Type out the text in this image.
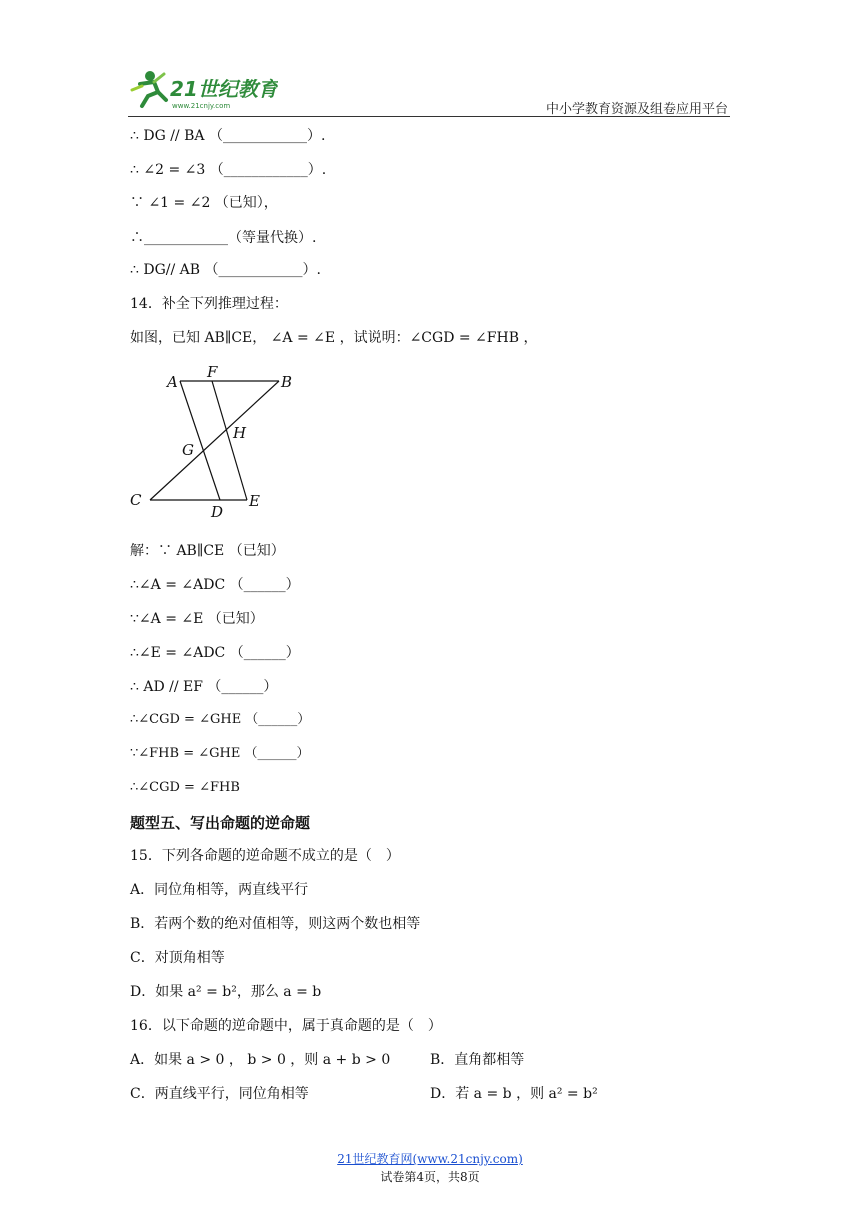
21世纪教育
www.21cnjy.com	中小学教育资源及组卷应用平台
∴ DG // BA （____________）.
∴ ∠2 = ∠3 （____________）.
∵ ∠1 = ∠2 （已知），
∴____________（等量代换）.
∴ DG// AB （____________）.
14．补全下列推理过程：
如图，已知 AB∥CE， ∠A = ∠E ，试说明：∠CGD = ∠FHB ，
A
F
B
G
H
C
D
E
解：∵ AB∥CE （已知）
∴∠A = ∠ADC （______）
∵∠A = ∠E （已知）
∴∠E = ∠ADC （______）
∴ AD // EF （______）
∴∠CGD = ∠GHE （______）
∵∠FHB = ∠GHE （______）
∴∠CGD = ∠FHB
题型五、写出命题的逆命题
15．下列各命题的逆命题不成立的是（　）
A．同位角相等，两直线平行
B．若两个数的绝对值相等，则这两个数也相等
C．对顶角相等
D．如果 a² = b²，那么 a = b
16．以下命题的逆命题中，属于真命题的是（　）
A．如果 a > 0 ， b > 0 ，则 a + b > 0	B．直角都相等
C．两直线平行，同位角相等	D．若 a = b ，则 a² = b²
21世纪教育网(www.21cnjy.com)
试卷第4页，共8页
